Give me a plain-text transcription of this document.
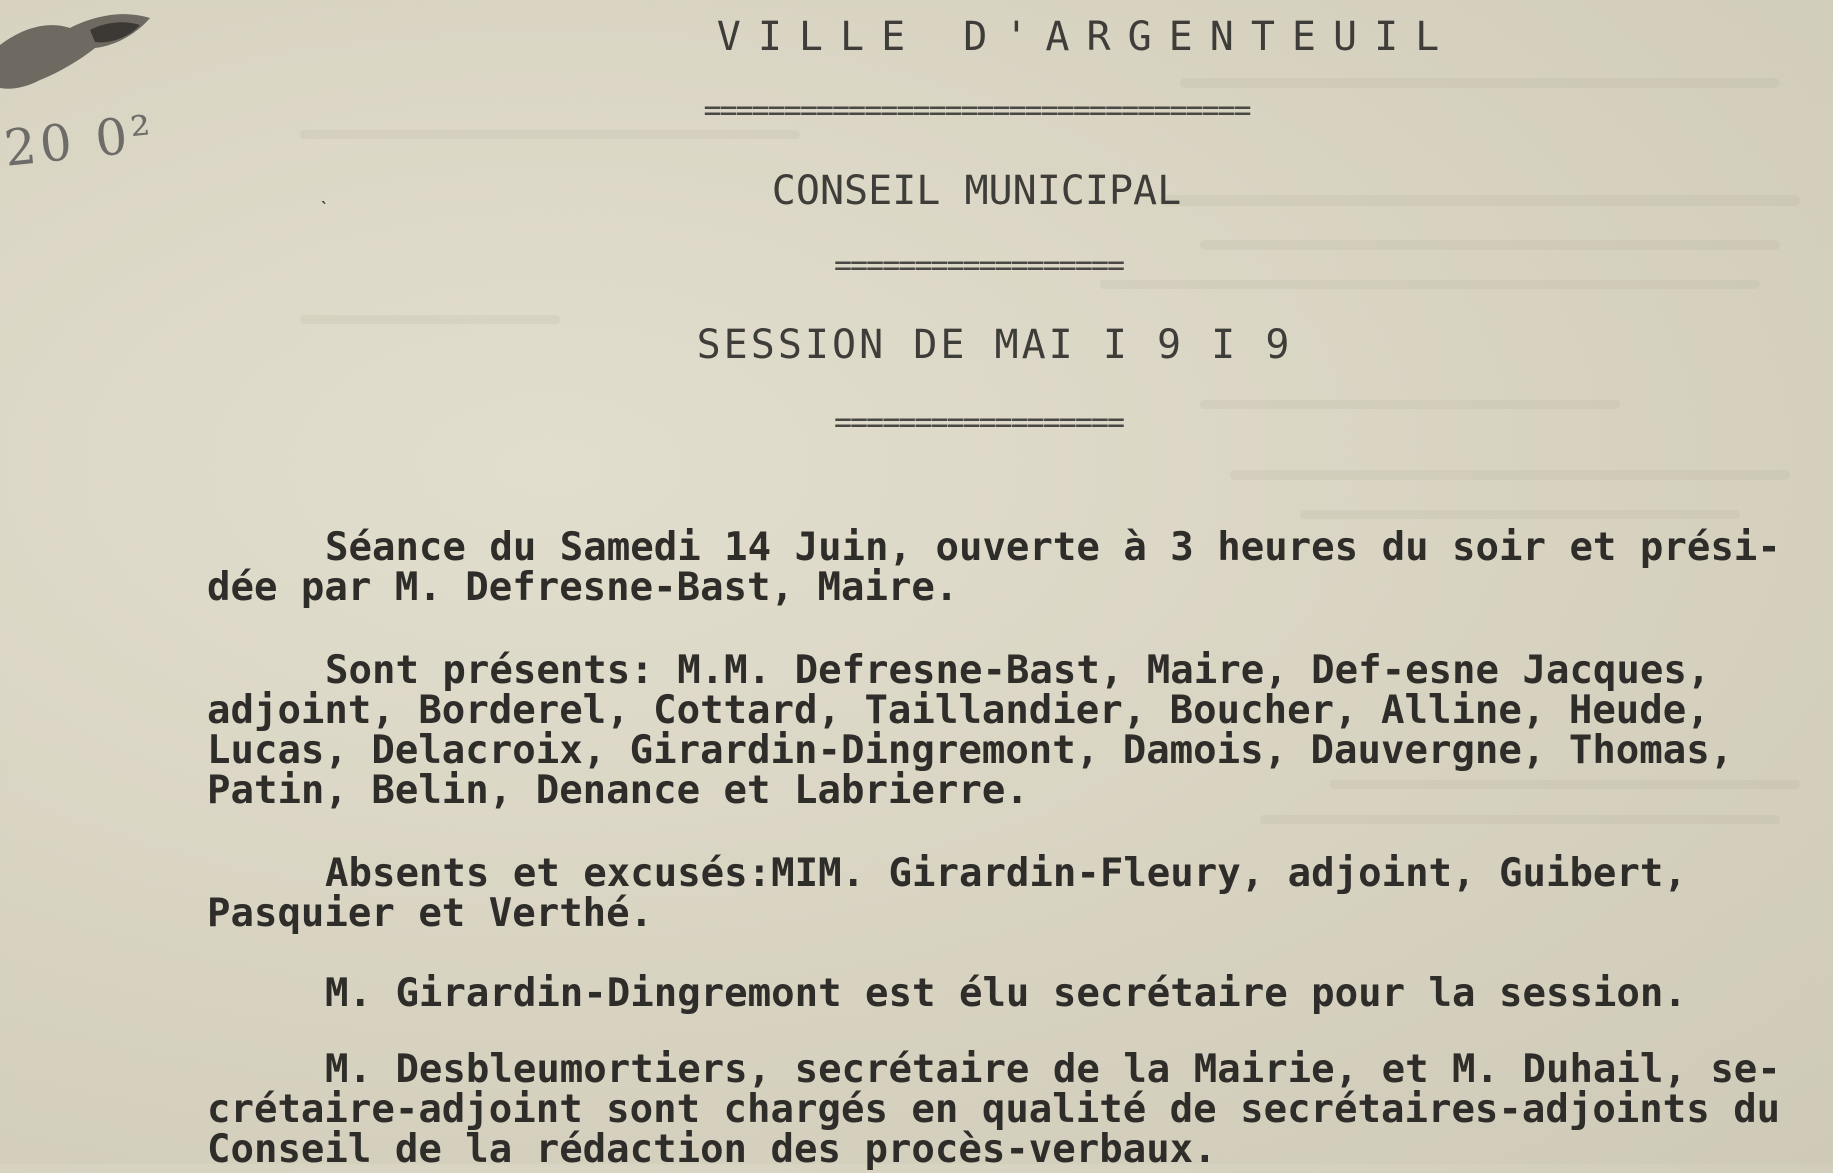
20 0²
ˋ
VILLE D'ARGENTEUIL
==================================
CONSEIL MUNICIPAL
==================
SESSION DE MAI I 9 I 9
==================
Séance du Samedi 14 Juin, ouverte à 3 heures du soir et prési-
dée par M. Defresne-Bast, Maire.
Sont présents: M.M. Defresne-Bast, Maire, Def-esne Jacques,
adjoint, Borderel, Cottard, Taillandier, Boucher, Alline, Heude,
Lucas, Delacroix, Girardin-Dingremont, Damois, Dauvergne, Thomas,
Patin, Belin, Denance et Labrierre.
Absents et excusés:MIM. Girardin-Fleury, adjoint, Guibert,
Pasquier et Verthé.
M. Girardin-Dingremont est élu secrétaire pour la session.
M. Desbleumortiers, secrétaire de la Mairie, et M. Duhail, se-
crétaire-adjoint sont chargés en qualité de secrétaires-adjoints du
Conseil de la rédaction des procès-verbaux.
